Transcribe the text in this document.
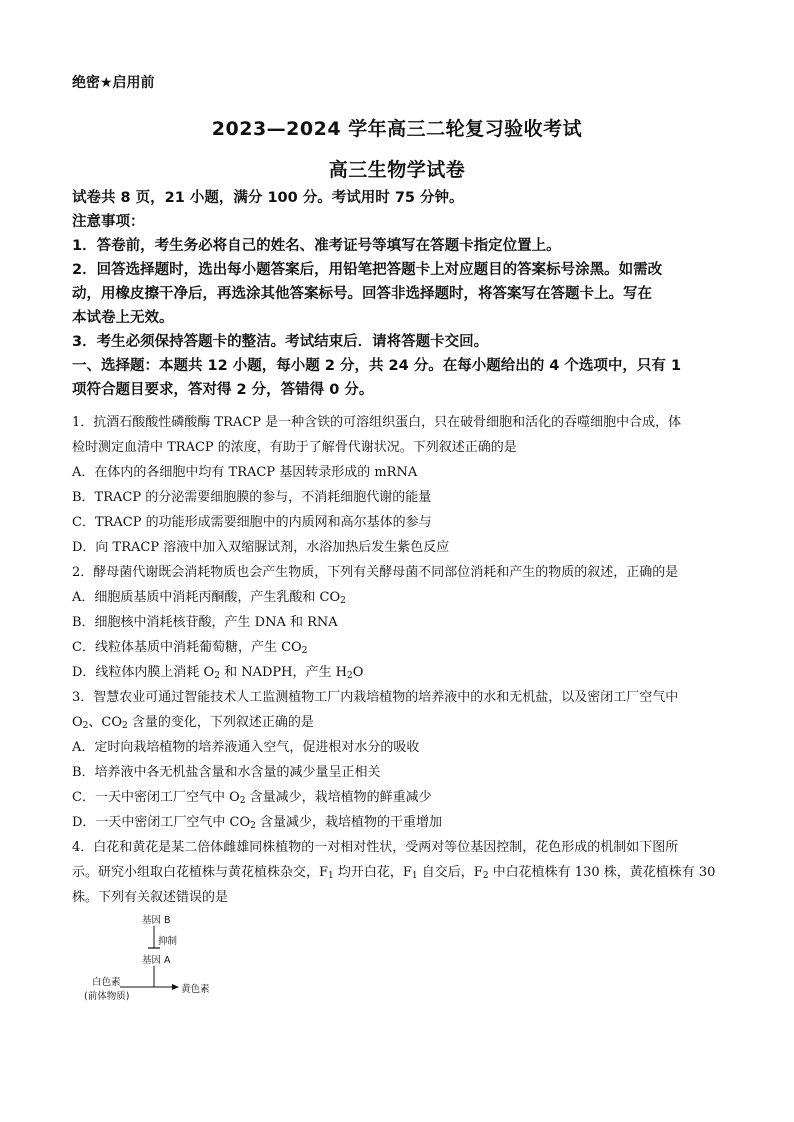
绝密★启用前
2023—2024 学年高三二轮复习验收考试
高三生物学试卷
试卷共 8 页，21 小题，满分 100 分。考试用时 75 分钟。
注意事项：
1．答卷前，考生务必将自己的姓名、准考证号等填写在答题卡指定位置上。
2．回答选择题时，选出每小题答案后，用铅笔把答题卡上对应题目的答案标号涂黑。如需改
动，用橡皮擦干净后，再选涂其他答案标号。回答非选择题时，将答案写在答题卡上。写在
本试卷上无效。
3．考生必须保持答题卡的整洁。考试结束后．请将答题卡交回。
一、选择题：本题共 12 小题，每小题 2 分，共 24 分。在每小题给出的 4 个选项中，只有 1
项符合题目要求，答对得 2 分，答错得 0 分。
1．抗酒石酸酸性磷酸酶 TRACP 是一种含铁的可溶组织蛋白，只在破骨细胞和活化的吞噬细胞中合成，体
检时测定血清中 TRACP 的浓度，有助于了解骨代谢状况。下列叙述正确的是
A．在体内的各细胞中均有 TRACP 基因转录形成的 mRNA
B．TRACP 的分泌需要细胞膜的参与，不消耗细胞代谢的能量
C．TRACP 的功能形成需要细胞中的内质网和高尔基体的参与
D．向 TRACP 溶液中加入双缩脲试剂，水浴加热后发生紫色反应
2．酵母菌代谢既会消耗物质也会产生物质，下列有关酵母菌不同部位消耗和产生的物质的叙述，正确的是
A．细胞质基质中消耗丙酮酸，产生乳酸和 $CO_2$
B．细胞核中消耗核苷酸，产生 DNA 和 RNA
C．线粒体基质中消耗葡萄糖，产生 $CO_2$
D．线粒体内膜上消耗 $O_2$ 和 NADPH，产生 $H_2O$
3．智慧农业可通过智能技术人工监测植物工厂内栽培植物的培养液中的水和无机盐，以及密闭工厂空气中
$O_2$、$CO_2$ 含量的变化，下列叙述正确的是
A．定时向栽培植物的培养液通入空气，促进根对水分的吸收
B．培养液中各无机盐含量和水含量的减少量呈正相关
C．一天中密闭工厂空气中 $O_2$ 含量减少，栽培植物的鲜重减少
D．一天中密闭工厂空气中 $CO_2$ 含量减少，栽培植物的干重增加
4．白花和黄花是某二倍体雌雄同株植物的一对相对性状，受两对等位基因控制，花色形成的机制如下图所
示。研究小组取白花植株与黄花植株杂交，$F_1$ 均开白花，$F_1$ 自交后，$F_2$ 中白花植株有 130 株，黄花植株有 30
株。下列有关叙述错误的是
基因 B
抑制
基因 A
白色素
黄色素
(前体物质)
